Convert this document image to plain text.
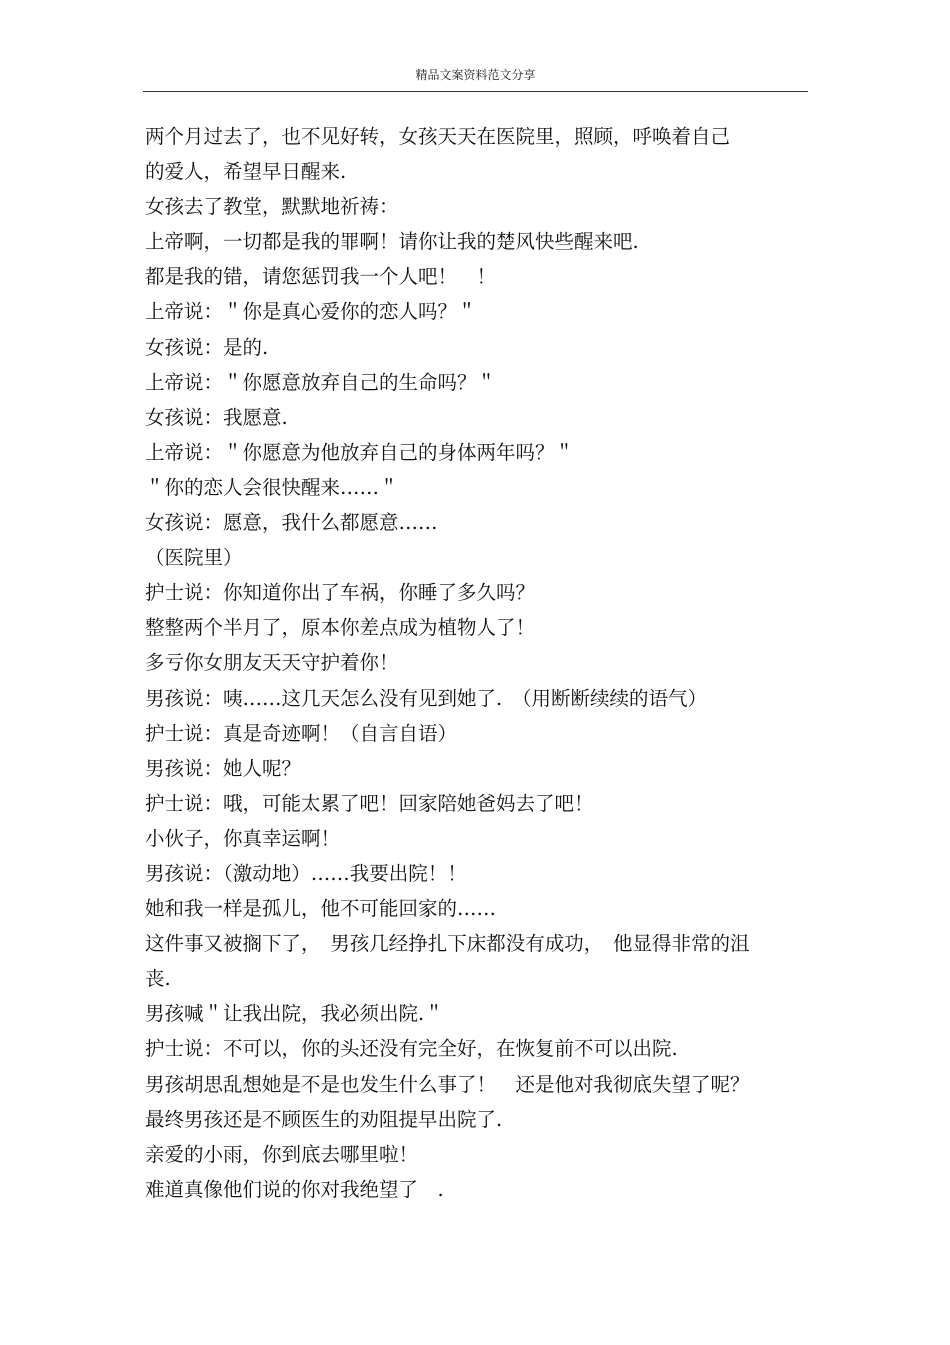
精品文案资料范文分享
两个月过去了，也不见好转，女孩天天在医院里，照顾，呼唤着自己
的爱人，希望早日醒来.
女孩去了教堂，默默地祈祷：
上帝啊，一切都是我的罪啊！请你让我的楚风快些醒来吧.
都是我的错，请您惩罚我一个人吧！　！
上帝说：＂你是真心爱你的恋人吗？＂
女孩说：是的.
上帝说：＂你愿意放弃自己的生命吗？＂
女孩说：我愿意.
上帝说：＂你愿意为他放弃自己的身体两年吗？＂
＂你的恋人会很快醒来……＂
女孩说：愿意，我什么都愿意……
（医院里）
护士说：你知道你出了车祸，你睡了多久吗？
整整两个半月了，原本你差点成为植物人了！
多亏你女朋友天天守护着你！
男孩说：咦……这几天怎么没有见到她了.　（用断断续续的语气）
护士说：真是奇迹啊！（自言自语）
男孩说：她人呢？
护士说：哦，可能太累了吧！回家陪她爸妈去了吧！
小伙子，你真幸运啊！
男孩说：（激动地）……我要出院！！
她和我一样是孤儿，他不可能回家的……
这件事又被搁下了，　男孩几经挣扎下床都没有成功，　他显得非常的沮
丧.
男孩喊＂让我出院，我必须出院.＂
护士说：不可以，你的头还没有完全好，在恢复前不可以出院.
男孩胡思乱想她是不是也发生什么事了！　还是他对我彻底失望了呢？
最终男孩还是不顾医生的劝阻提早出院了.
亲爱的小雨，你到底去哪里啦！
难道真像他们说的你对我绝望了　.
